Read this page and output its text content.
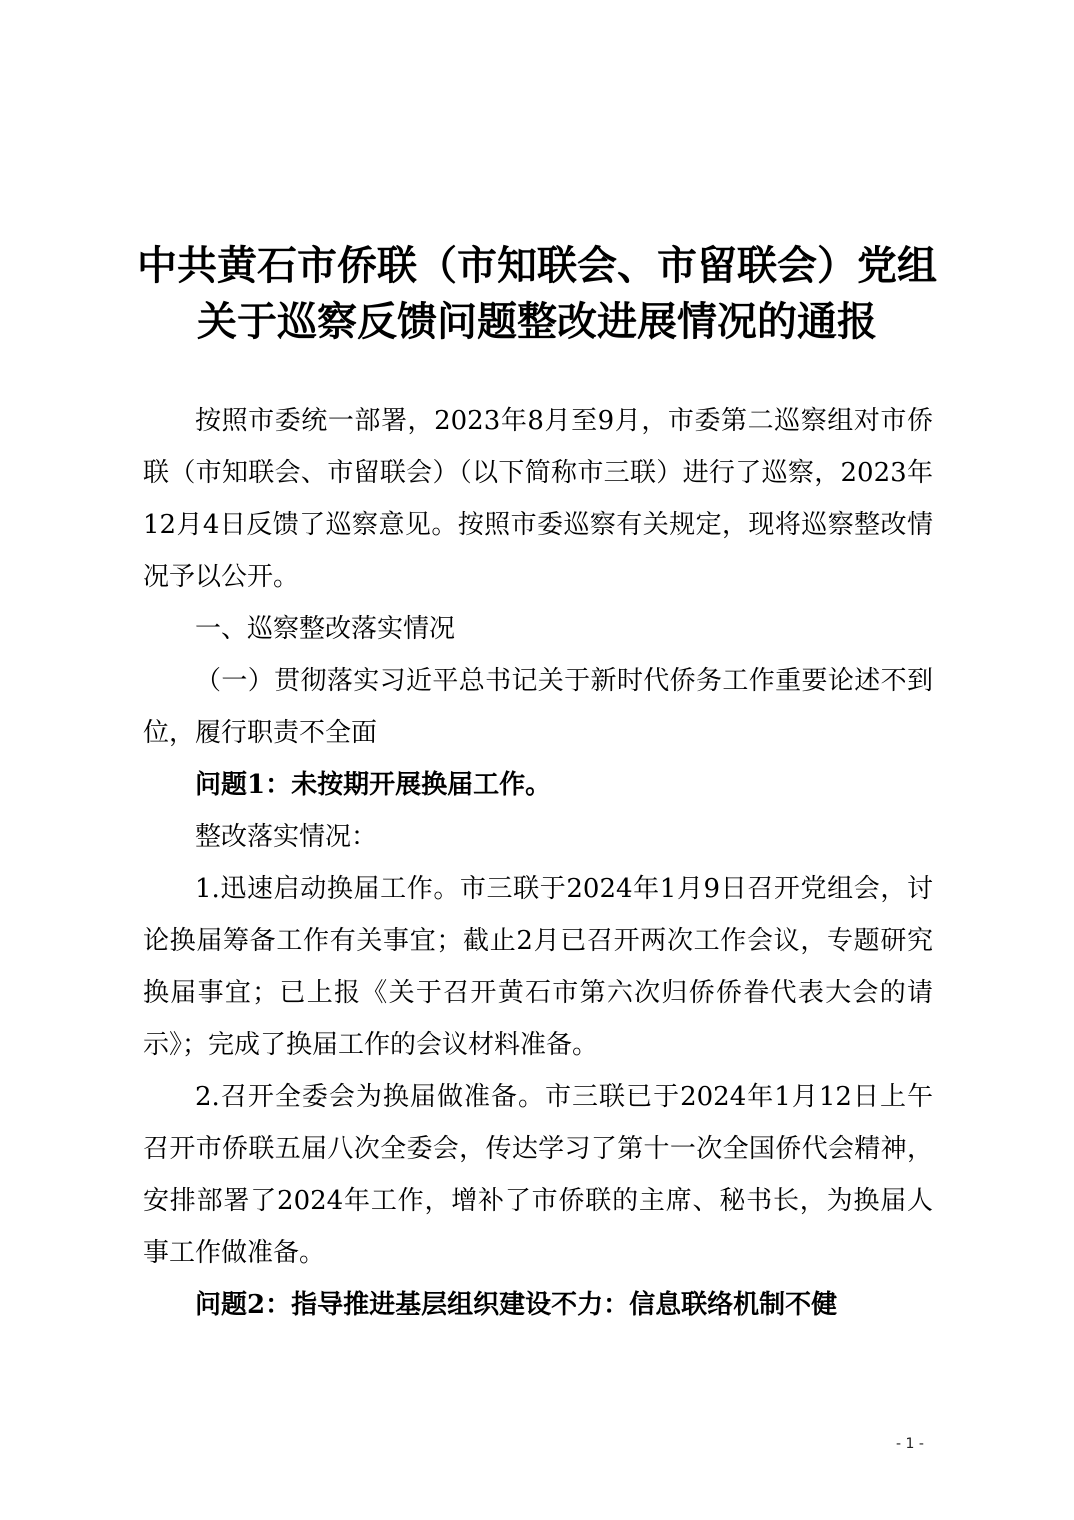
中共黄石市侨联（市知联会、市留联会）党组
关于巡察反馈问题整改进展情况的通报

按照市委统一部署，2023年8月至9月，市委第二巡察组对市侨联（市知联会、市留联会）（以下简称市三联）进行了巡察，2023年12月4日反馈了巡察意见。按照市委巡察有关规定，现将巡察整改情况予以公开。

一、巡察整改落实情况

（一）贯彻落实习近平总书记关于新时代侨务工作重要论述不到位，履行职责不全面

问题1：未按期开展换届工作。

整改落实情况：

1.迅速启动换届工作。市三联于2024年1月9日召开党组会，讨论换届筹备工作有关事宜；截止2月已召开两次工作会议，专题研究换届事宜；已上报《关于召开黄石市第六次归侨侨眷代表大会的请示》；完成了换届工作的会议材料准备。

2.召开全委会为换届做准备。市三联已于2024年1月12日上午召开市侨联五届八次全委会，传达学习了第十一次全国侨代会精神，安排部署了2024年工作，增补了市侨联的主席、秘书长，为换届人事工作做准备。

问题2：指导推进基层组织建设不力：信息联络机制不健

- 1 -
